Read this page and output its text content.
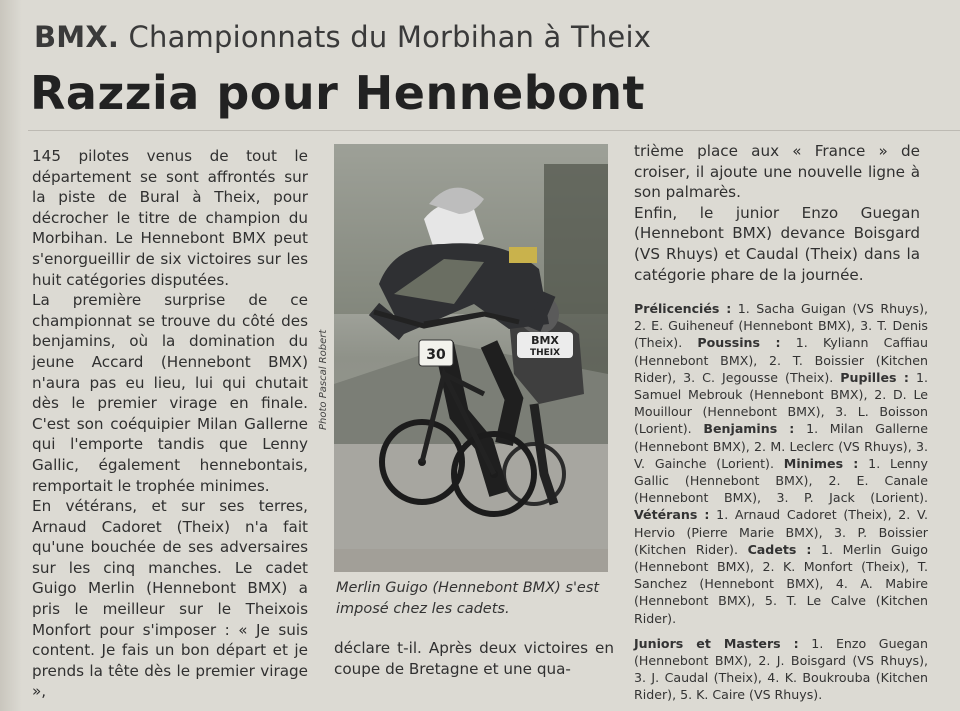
BMX. Championnats du Morbihan à Theix
Razzia pour Hennebont

145 pilotes venus de tout le département se sont affrontés sur la piste de Bural à Theix, pour décrocher le titre de champion du Morbihan. Le Hennebont BMX peut s'enorgueillir de six victoires sur les huit catégories disputées.

La première surprise de ce championnat se trouve du côté des benjamins, où la domination du jeune Accard (Hennebont BMX) n'aura pas eu lieu, lui qui chutait dès le premier virage en finale. C'est son coéquipier Milan Gallerne qui l'emporte tandis que Lenny Gallic, également hennebontais, remportait le trophée minimes.

En vétérans, et sur ses terres, Arnaud Cadoret (Theix) n'a fait qu'une bouchée de ses adversaires sur les cinq manches. Le cadet Guigo Merlin (Hennebont BMX) a pris le meilleur sur le Theixois Monfort pour s'imposer : « Je suis content. Je fais un bon départ et je prends la tête dès le premier virage »,

BMX
THEIX
30
Photo Pascal Robert
Merlin Guigo (Hennebont BMX) s'est imposé chez les cadets.

déclare t-il. Après deux victoires en coupe de Bretagne et une qua-

trième place aux « France » de croiser, il ajoute une nouvelle ligne à son palmarès.

Enfin, le junior Enzo Guegan (Hennebont BMX) devance Boisgard (VS Rhuys) et Caudal (Theix) dans la catégorie phare de la journée.

Prélicenciés : 1. Sacha Guigan (VS Rhuys), 2. E. Guiheneuf (Hennebont BMX), 3. T. Denis (Theix). Poussins : 1. Kyliann Caffiau (Hennebont BMX), 2. T. Boissier (Kitchen Rider), 3. C. Jegousse (Theix). Pupilles : 1. Samuel Mebrouk (Hennebont BMX), 2. D. Le Mouillour (Hennebont BMX), 3. L. Boisson (Lorient). Benjamins : 1. Milan Gallerne (Hennebont BMX), 2. M. Leclerc (VS Rhuys), 3. V. Gainche (Lorient). Minimes : 1. Lenny Gallic (Hennebont BMX), 2. E. Canale (Hennebont BMX), 3. P. Jack (Lorient). Vétérans : 1. Arnaud Cadoret (Theix), 2. V. Hervio (Pierre Marie BMX), 3. P. Boissier (Kitchen Rider). Cadets : 1. Merlin Guigo (Hennebont BMX), 2. K. Monfort (Theix), T. Sanchez (Hennebont BMX), 4. A. Mabire (Hennebont BMX), 5. T. Le Calve (Kitchen Rider).

Juniors et Masters : 1. Enzo Guegan (Hennebont BMX), 2. J. Boisgard (VS Rhuys), 3. J. Caudal (Theix), 4. K. Boukrouba (Kitchen Rider), 5. K. Caire (VS Rhuys).
